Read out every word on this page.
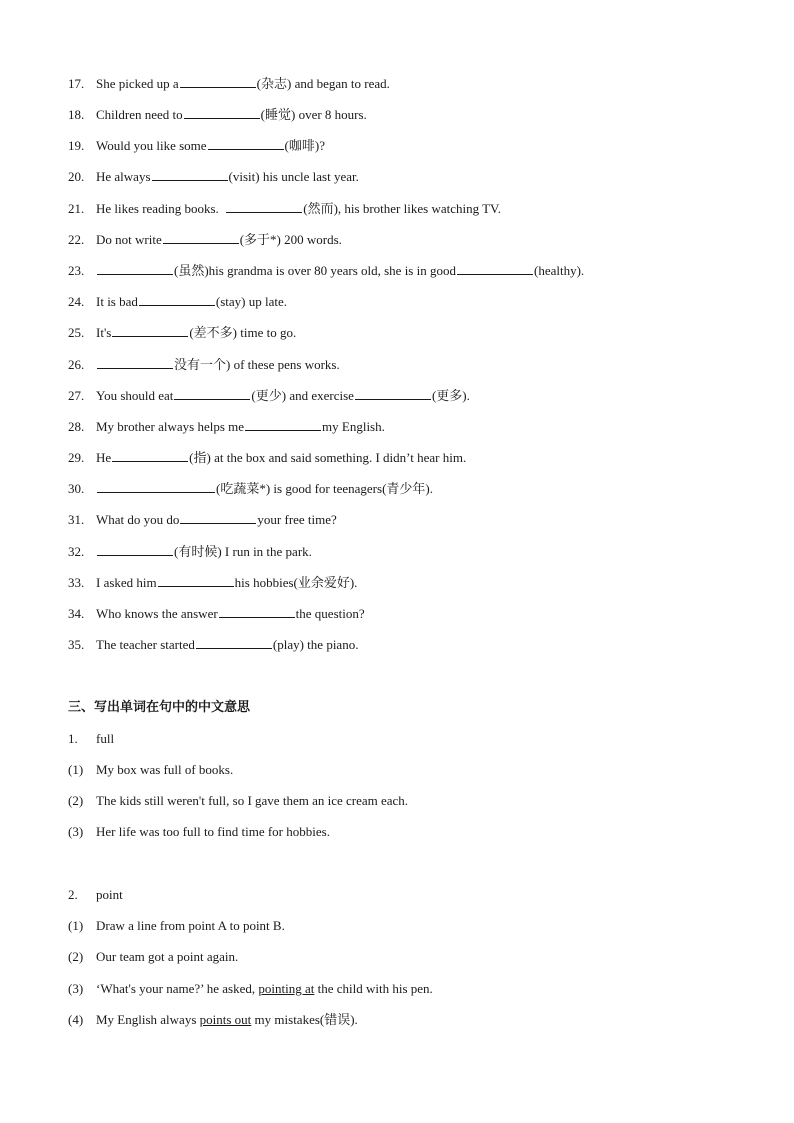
17. She picked up a	(杂志) and began to read.
18. Children need to	(睡觉) over 8 hours.
19. Would you like some	(咖啡)?
20. He always	(visit) his uncle last year.
21. He likes reading books.	(然而), his brother likes watching TV.
22. Do not write	(多于*) 200 words.
23.	(虽然)his grandma is over 80 years old, she is in good	(healthy).
24. It is bad	(stay) up late.
25. It's	(差不多) time to go.
26.	没有一个) of these pens works.
27. You should eat	(更少) and exercise	(更多).
28. My brother always helps me	my English.
29. He	(指) at the box and said something. I didn’t hear him.
30.	(吃蔬菜*) is good for teenagers(青少年).
31. What do you do	your free time?
32.	(有时候) I run in the park.
33. I asked him	his hobbies(业余爱好).
34. Who knows the answer	the question?
35. The teacher started	(play) the piano.
三、写出单词在句中的中文意思
1. full
(1) My box was full of books.
(2) The kids still weren't full, so I gave them an ice cream each.
(3) Her life was too full to find time for hobbies.
2. point
(1) Draw a line from point A to point B.
(2) Our team got a point again.
(3) ‘What's your name?’ he asked, pointing at the child with his pen.
(4) My English always points out my mistakes(错误).
